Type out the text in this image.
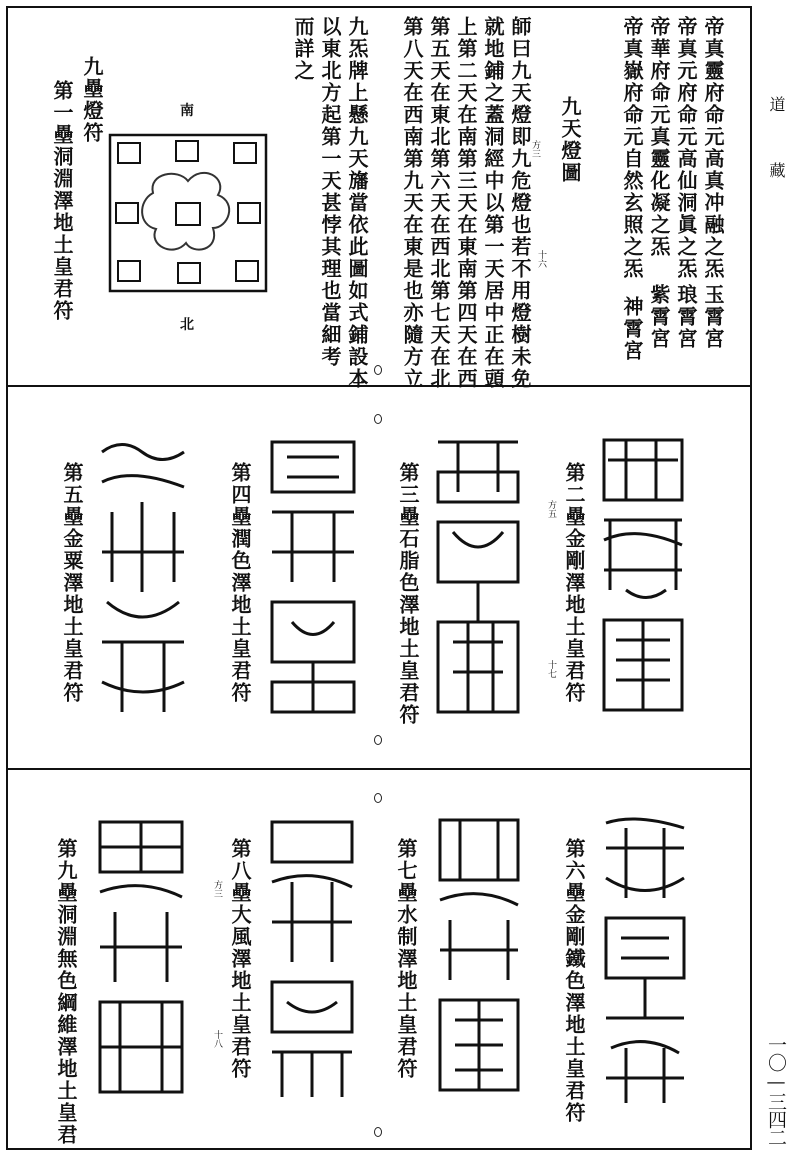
道藏
一〇—三四二
帝真靈府命元高真冲融之炁
帝真元府命元高仙洞眞之炁
帝華府命元真靈化凝之炁
帝真嶽府命元自然玄照之炁
玉霄宮
琅霄宮
紫霄宮
神霄宮
九天燈圖
師曰九天燈即九危燈也若不用燈樹未免
就地鋪之蓋洞經中以第一天居中正在頭
上第二天在南第三天在東南第四天在西
第五天在東北第六天在西北第七天在北
第八天在西南第九天在東是也亦隨方立
九炁牌上懸九天旛當依此圖如式鋪設本
以東北方起第一天甚悖其理也當細考
而詳之
十六
方三
南
北
九壘燈符
第一壘洞淵澤地土皇君符
第二壘金剛澤地土皇君符
方五
十七
第三壘石脂色澤地土皇君符
第四壘潤色澤地土皇君符
第五壘金粟澤地土皇君符
第六壘金剛鐵色澤地土皇君符
第七壘水制澤地土皇君符
第八壘大風澤地土皇君符
方三
十八
第九壘洞淵無色綱維澤地土皇君
